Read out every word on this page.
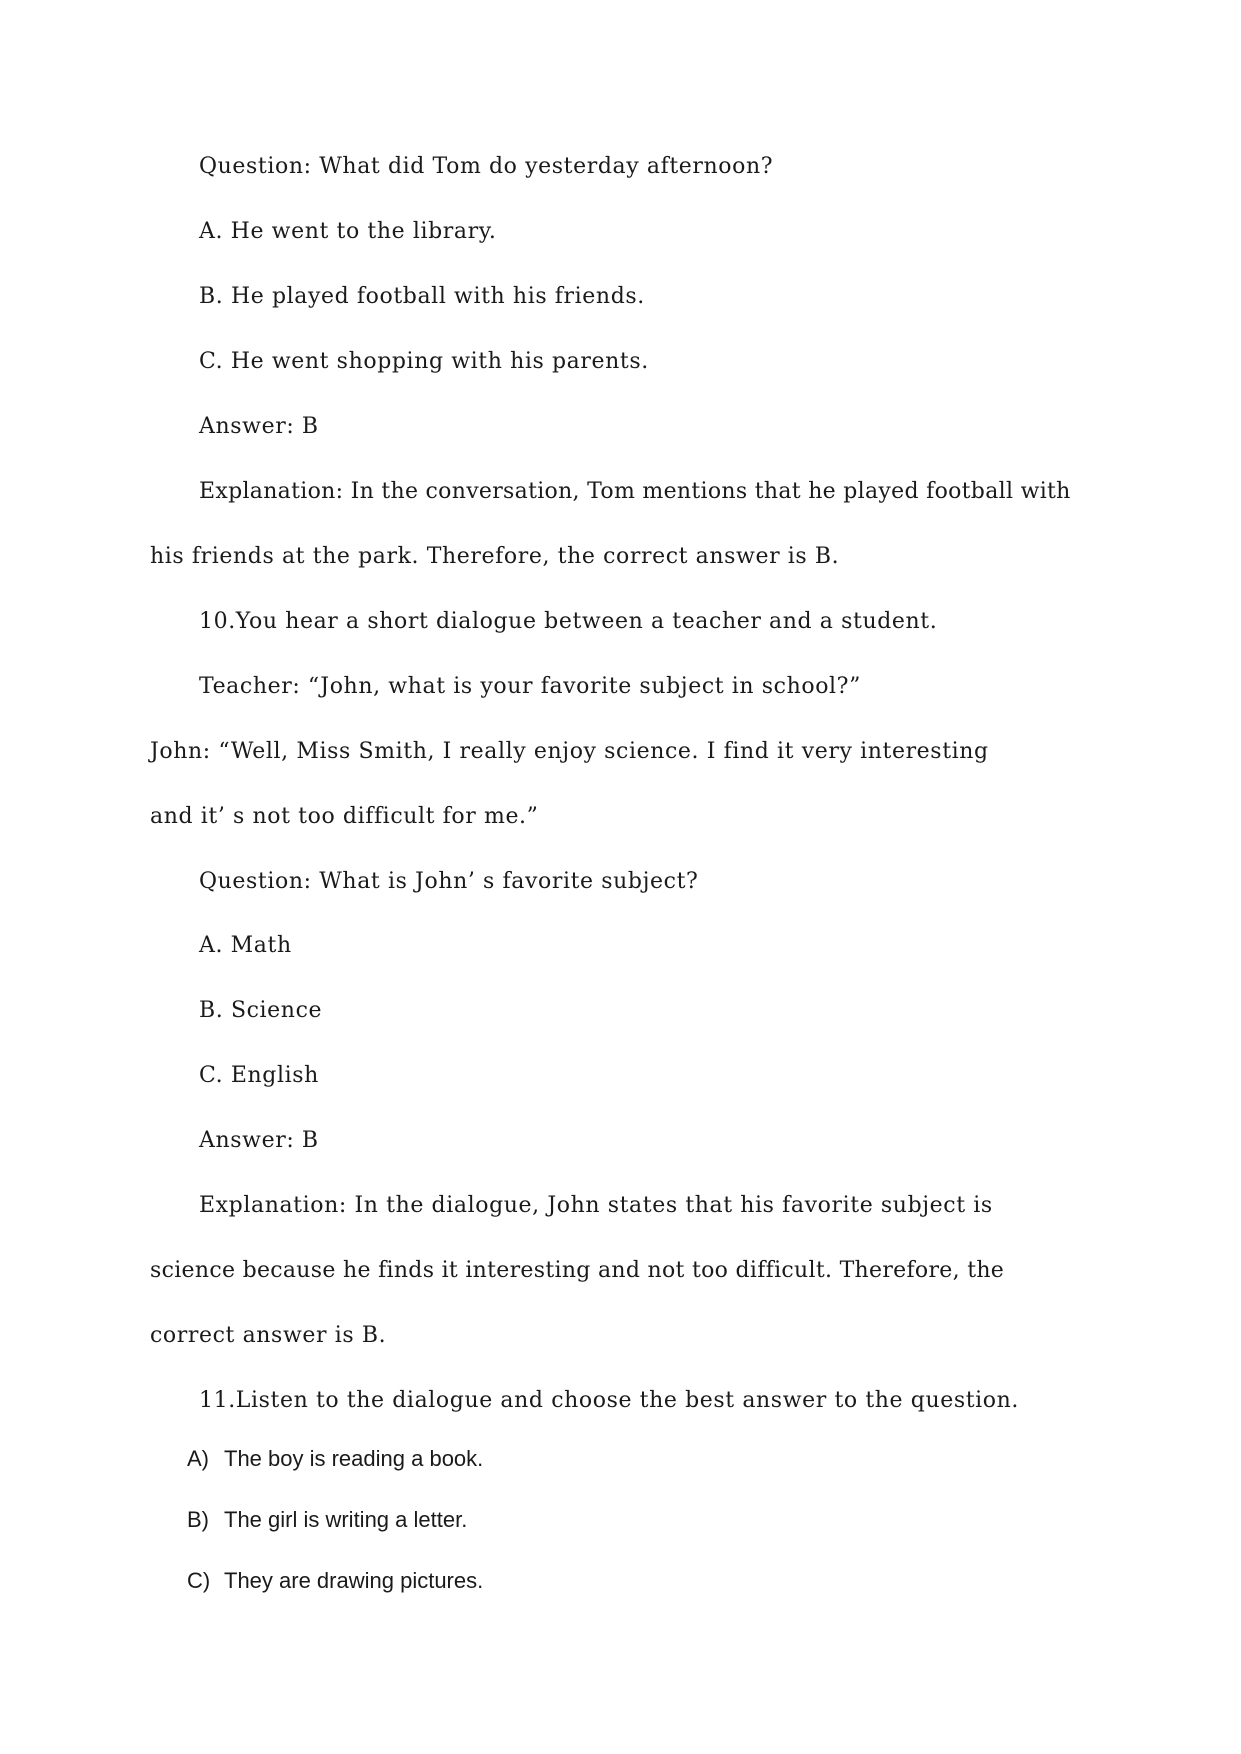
Question: What did Tom do yesterday afternoon?
A. He went to the library.
B. He played football with his friends.
C. He went shopping with his parents.
Answer: B
Explanation: In the conversation, Tom mentions that he played football with
his friends at the park. Therefore, the correct answer is B.
10.You hear a short dialogue between a teacher and a student.
Teacher: “John, what is your favorite subject in school?”
John: “Well, Miss Smith, I really enjoy science. I find it very interesting
and it’ s not too difficult for me.”
Question: What is John’ s favorite subject?
A. Math
B. Science
C. English
Answer: B
Explanation: In the dialogue, John states that his favorite subject is
science because he finds it interesting and not too difficult. Therefore, the
correct answer is B.
11.Listen to the dialogue and choose the best answer to the question.
A) The boy is reading a book.
B) The girl is writing a letter.
C) They are drawing pictures.
